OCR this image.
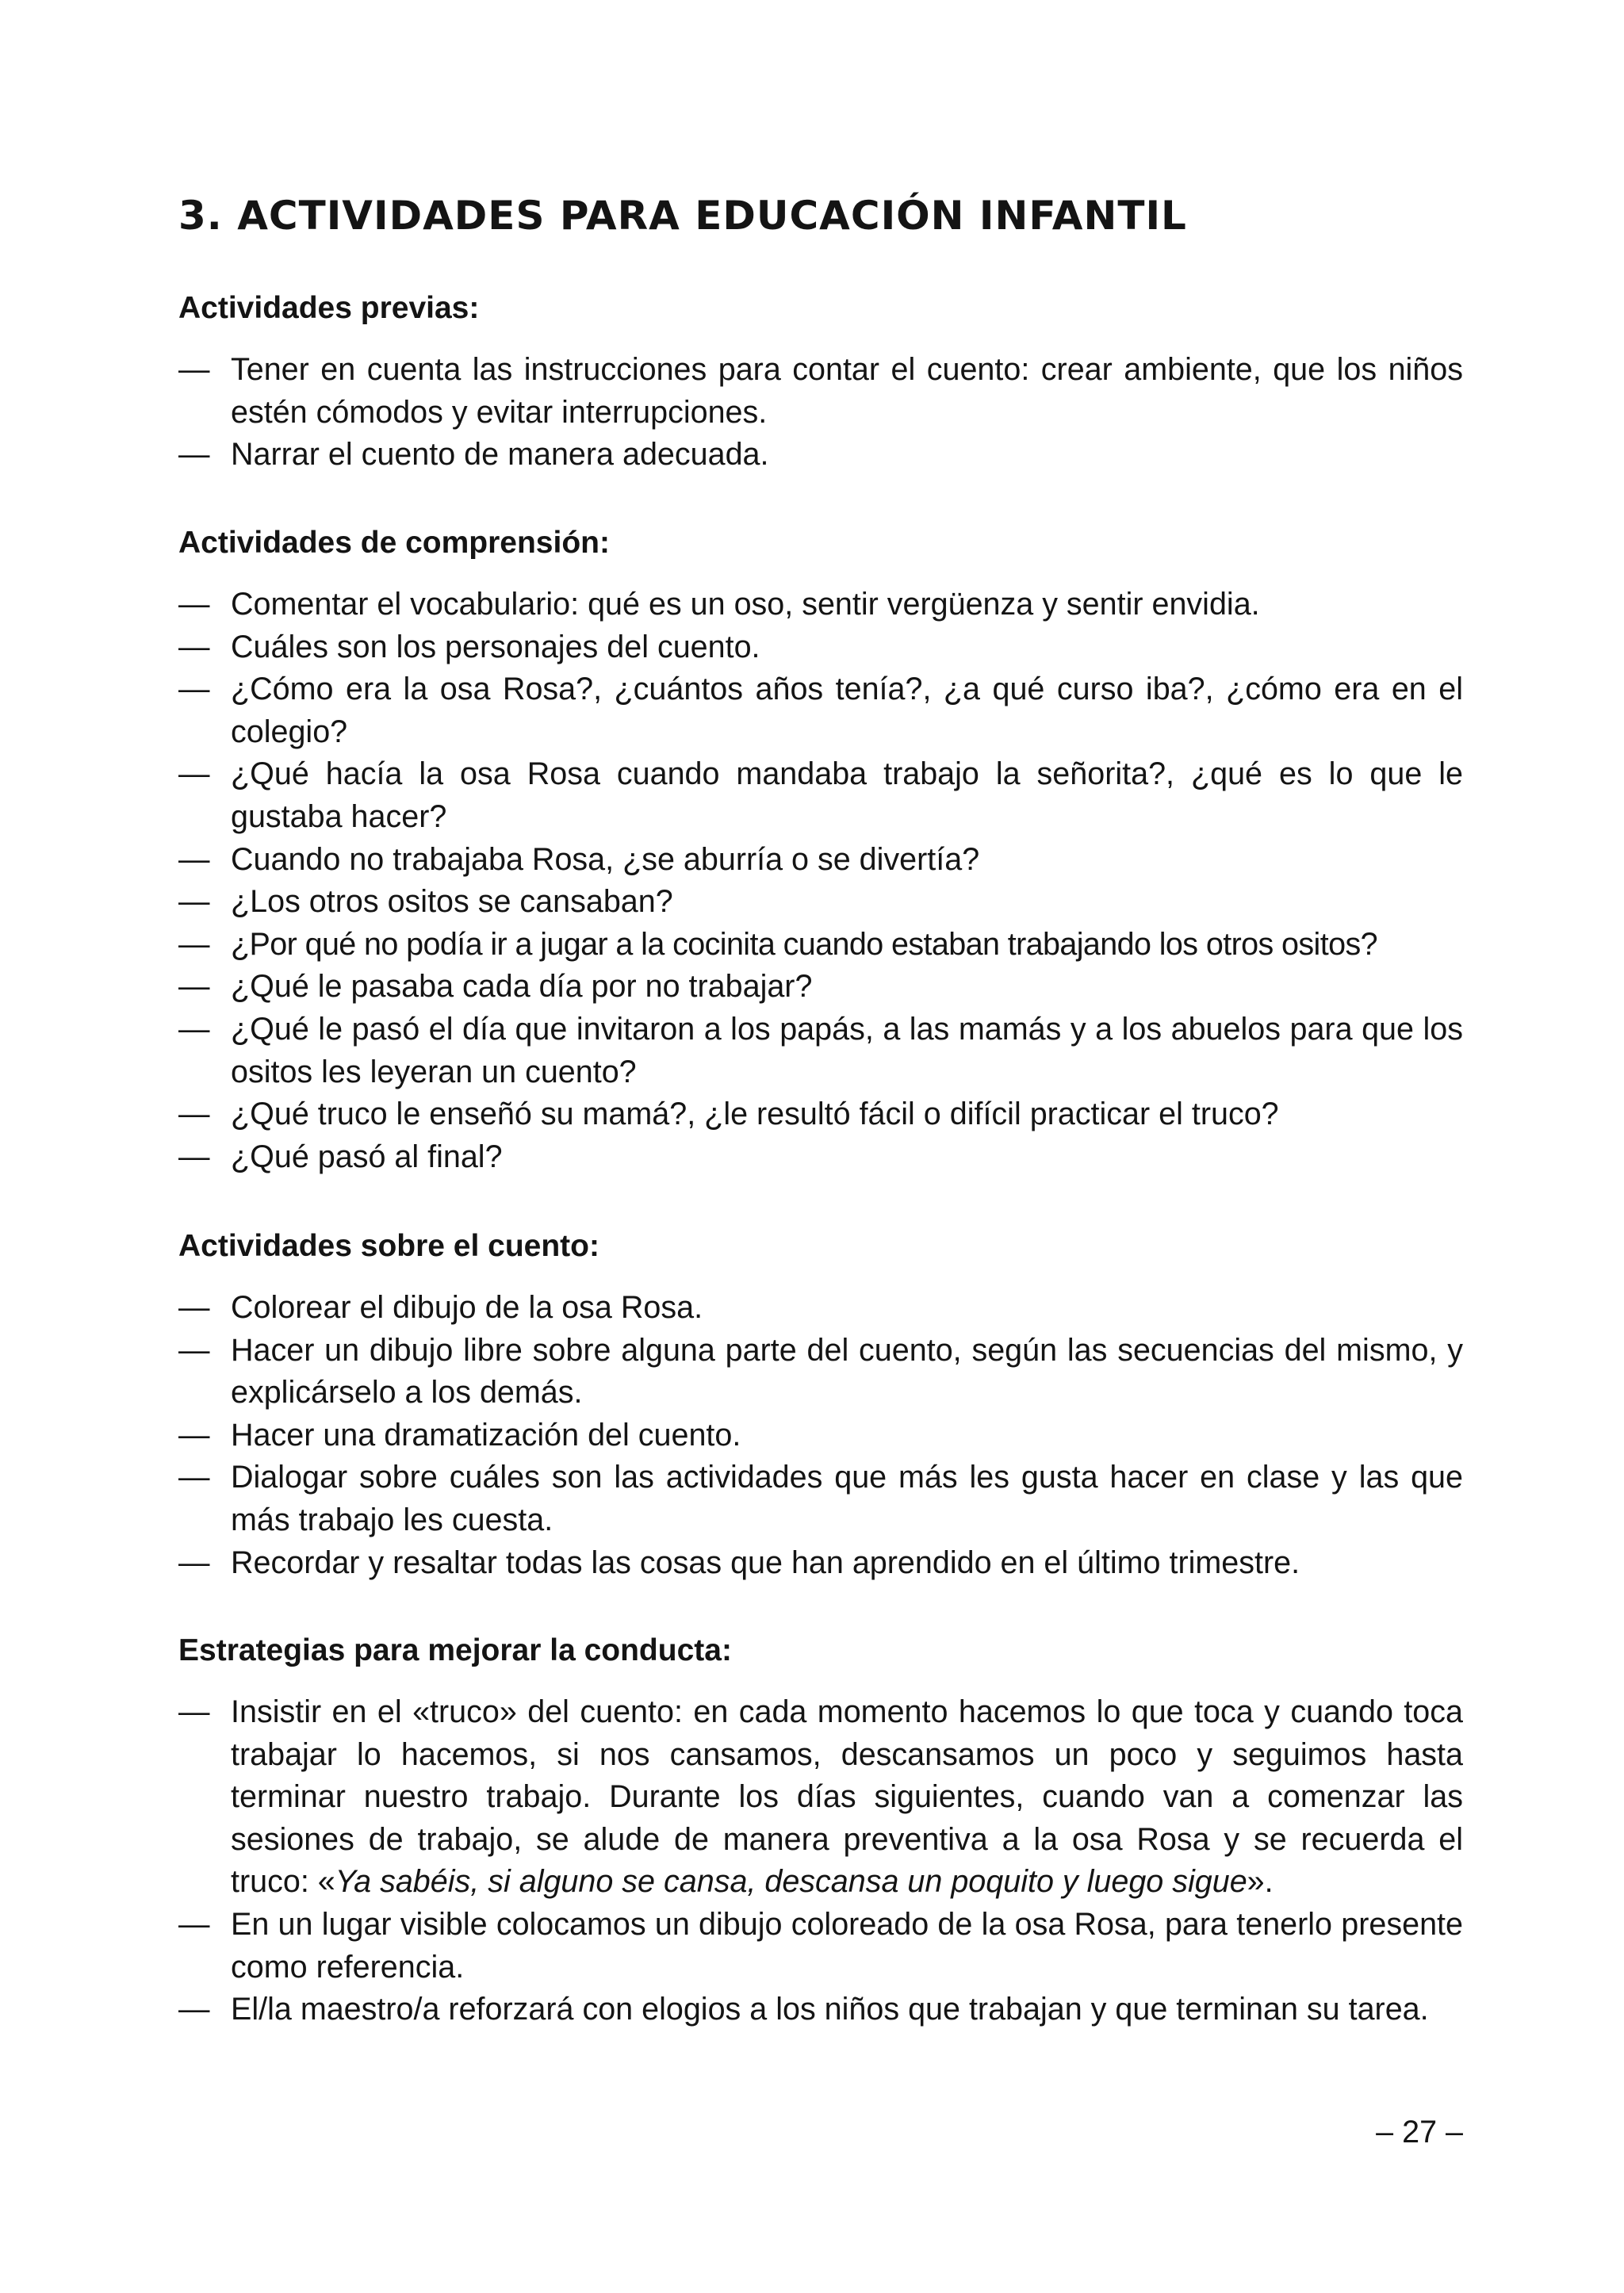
3. ACTIVIDADES PARA EDUCACIÓN INFANTIL
Actividades previas:
— Tener en cuenta las instrucciones para contar el cuento: crear ambiente, que los niños estén cómodos y evitar interrupciones.
— Narrar el cuento de manera adecuada.
Actividades de comprensión:
— Comentar el vocabulario: qué es un oso, sentir vergüenza y sentir envidia.
— Cuáles son los personajes del cuento.
— ¿Cómo era la osa Rosa?, ¿cuántos años tenía?, ¿a qué curso iba?, ¿cómo era en el colegio?
— ¿Qué hacía la osa Rosa cuando mandaba trabajo la señorita?, ¿qué es lo que le gustaba hacer?
— Cuando no trabajaba Rosa, ¿se aburría o se divertía?
— ¿Los otros ositos se cansaban?
— ¿Por qué no podía ir a jugar a la cocinita cuando estaban trabajando los otros ositos?
— ¿Qué le pasaba cada día por no trabajar?
— ¿Qué le pasó el día que invitaron a los papás, a las mamás y a los abuelos para que los ositos les leyeran un cuento?
— ¿Qué truco le enseñó su mamá?, ¿le resultó fácil o difícil practicar el truco?
— ¿Qué pasó al final?
Actividades sobre el cuento:
— Colorear el dibujo de la osa Rosa.
— Hacer un dibujo libre sobre alguna parte del cuento, según las secuencias del mismo, y explicárselo a los demás.
— Hacer una dramatización del cuento.
— Dialogar sobre cuáles son las actividades que más les gusta hacer en clase y las que más trabajo les cuesta.
— Recordar y resaltar todas las cosas que han aprendido en el último trimestre.
Estrategias para mejorar la conducta:
— Insistir en el «truco» del cuento: en cada momento hacemos lo que toca y cuando toca trabajar lo hacemos, si nos cansamos, descansamos un poco y seguimos hasta terminar nuestro trabajo. Durante los días siguientes, cuando van a comenzar las sesiones de trabajo, se alude de manera preventiva a la osa Rosa y se recuerda el truco: «Ya sabéis, si alguno se cansa, descansa un poquito y luego sigue».
— En un lugar visible colocamos un dibujo coloreado de la osa Rosa, para tenerlo presente como referencia.
— El/la maestro/a reforzará con elogios a los niños que trabajan y que terminan su tarea.
– 27 –
